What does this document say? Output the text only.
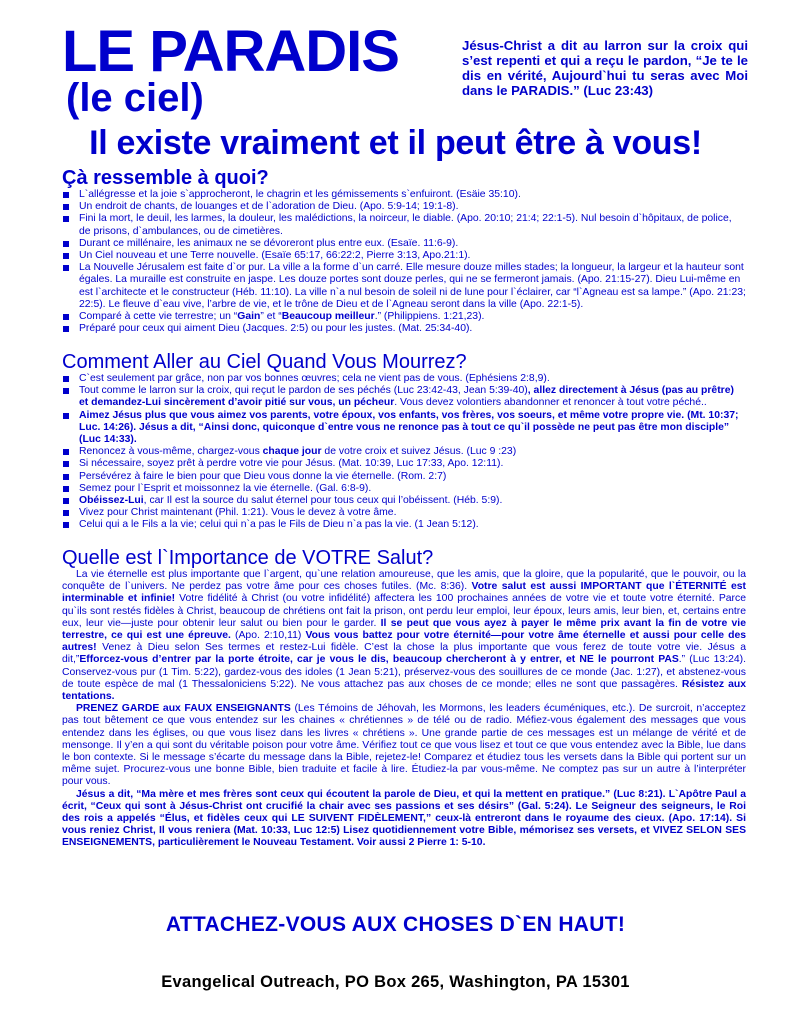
LE PARADIS
(le ciel)

Jésus-Christ a dit au larron sur la croix qui s’est repenti et qui a reçu le pardon, “Je te le dis en vérité, Aujourd`hui tu seras avec Moi dans le PARADIS.” (Luc 23:43)

Il existe vraiment et il peut être à vous!
Çà ressemble à quoi?
L`allégresse et la joie s`approcheront, le chagrin et les gémissements s`enfuiront. (Esäie 35:10).
Un endroit de chants, de louanges et de l`adoration de Dieu. (Apo. 5:9-14; 19:1-8).
Fini la mort, le deuil, les larmes, la douleur, les malédictions, la noirceur, le diable. (Apo. 20:10; 21:4; 22:1-5). Nul besoin d`hôpitaux, de police, de prisons, d`ambulances, ou de cimetières.
Durant ce millénaire, les animaux ne se dévoreront plus entre eux. (Esaïe. 11:6-9).
Un Ciel nouveau et une Terre nouvelle. (Esaïe 65:17, 66:22:2, Pierre 3:13, Apo.21:1).
La Nouvelle Jérusalem est faite d`or pur. La ville a la forme d`un carré. Elle mesure douze milles stades; la longueur, la largeur et la hauteur sont égales. La muraille est construite en jaspe. Les douze portes sont douze perles, qui ne se fermeront jamais. (Apo. 21:15-27). Dieu Lui-même en est l`architecte et le constructeur (Héb. 11:10). La ville n`a nul besoin de soleil ni de lune pour l`éclairer, car “l`Agneau est sa lampe.” (Apo. 21:23; 22:5). Le fleuve d`eau vive, l’arbre de vie, et le trône de Dieu et de l`Agneau seront dans la ville (Apo. 22:1-5).
Comparé à cette vie terrestre; un “Gain” et “Beaucoup meilleur.” (Philippiens. 1:21,23).
Préparé pour ceux qui aiment Dieu (Jacques. 2:5) ou pour les justes. (Mat. 25:34-40).
Comment Aller au Ciel Quand Vous Mourrez?
C`est seulement par grâce, non par vos bonnes œuvres; cela ne vient pas de vous. (Ephésiens 2:8,9).
Tout comme le larron sur la croix, qui reçut le pardon de ses péchés (Luc 23:42-43, Jean 5:39-40), allez directement à Jésus (pas au prêtre) et demandez-Lui sincèrement d’avoir pitié sur vous, un pécheur. Vous devez volontiers abandonner et renoncer à tout votre péché..
Aimez Jésus plus que vous aimez vos parents, votre époux, vos enfants, vos frères, vos soeurs, et même votre propre vie. (Mt. 10:37; Luc. 14:26). Jésus a dit, “Ainsi donc, quiconque d`entre vous ne renonce pas à tout ce qu`il possède ne peut pas être mon disciple” (Luc 14:33).
Renoncez à vous-même, chargez-vous chaque jour de votre croix et suivez Jésus. (Luc 9 :23)
Si nécessaire, soyez prêt à perdre votre vie pour Jésus. (Mat. 10:39, Luc 17:33, Apo. 12:11).
Persévérez à faire le bien pour que Dieu vous donne la vie éternelle. (Rom. 2:7)
Semez pour l`Esprit et moissonnez la vie éternelle. (Gal. 6:8-9).
Obéissez-Lui, car Il est la source du salut éternel pour tous ceux qui l’obéissent. (Héb. 5:9).
Vivez pour Christ maintenant (Phil. 1:21). Vous le devez à votre âme.
Celui qui a le Fils a la vie; celui qui n`a pas le Fils de Dieu n`a pas la vie. (1 Jean 5:12).
Quelle est l`Importance de VOTRE Salut?

La vie éternelle est plus importante que l`argent, qu`une relation amoureuse, que les amis, que la gloire, que la popularité, que le pouvoir, ou la conquête de l`univers. Ne perdez pas votre âme pour ces choses futiles. (Mc. 8:36). Votre salut est aussi IMPORTANT que l`ÉTERNITÉ est interminable et infinie! Votre fidélité à Christ (ou votre infidélité) affectera les 100 prochaines années de votre vie et toute votre éternité. Parce qu`ils sont restés fidèles à Christ, beaucoup de chrétiens ont fait la prison, ont perdu leur emploi, leur époux, leurs amis, leur bien, et, certains entre eux, leur vie—juste pour obtenir leur salut ou bien pour le garder. Il se peut que vous ayez à payer le même prix avant la fin de votre vie terrestre, ce qui est une épreuve. (Apo. 2:10,11) Vous vous battez pour votre éternité—pour votre âme éternelle et aussi pour celle des autres! Venez à Dieu selon Ses termes et restez-Lui fidèle. C’est la chose la plus importante que vous ferez de toute votre vie. Jésus a dit,”Efforcez-vous d’entrer par la porte étroite, car je vous le dis, beaucoup chercheront à y entrer, et NE le pourront PAS.” (Luc 13:24). Conservez-vous pur (1 Tim. 5:22), gardez-vous des idoles (1 Jean 5:21), préservez-vous des souillures de ce monde (Jac. 1:27), et abstenez-vous de toute espèce de mal (1 Thessaloniciens 5:22). Ne vous attachez pas aux choses de ce monde; elles ne sont que passagères. Résistez aux tentations.

PRENEZ GARDE aux FAUX ENSEIGNANTS (Les Témoins de Jéhovah, les Mormons, les leaders écuméniques, etc.). De surcroit, n’acceptez pas tout bêtement ce que vous entendez sur les chaines « chrétiennes » de télé ou de radio. Méfiez-vous également des messages que vous entendez dans les églises, ou que vous lisez dans les livres « chrétiens ». Une grande partie de ces messages est un mélange de vérité et de mensonge. Il y’en a qui sont du véritable poison pour votre âme. Vérifiez tout ce que vous lisez et tout ce que vous entendez avec la Bible, lue dans le bon contexte. Si le message s’écarte du message dans la Bible, rejetez-le! Comparez et étudiez tous les versets dans la Bible qui portent sur un même sujet. Procurez-vous une bonne Bible, bien traduite et facile à lire. Étudiez-la par vous-même. Ne comptez pas sur un autre à l’interpréter pour vous.

Jésus a dit, “Ma mère et mes frères sont ceux qui écoutent la parole de Dieu, et qui la mettent en pratique.” (Luc 8:21). L`Apôtre Paul a écrit, “Ceux qui sont à Jésus-Christ ont crucifié la chair avec ses passions et ses désirs” (Gal. 5:24). Le Seigneur des seigneurs, le Roi des rois a appelés “Élus, et fidèles ceux qui LE SUIVENT FIDÈLEMENT,” ceux-là entreront dans le royaume des cieux. (Apo. 17:14). Si vous reniez Christ, Il vous reniera (Mat. 10:33, Luc 12:5) Lisez quotidiennement votre Bible, mémorisez ses versets, et VIVEZ SELON SES ENSEIGNEMENTS, particulièrement le Nouveau Testament. Voir aussi 2 Pierre 1: 5-10.

ATTACHEZ-VOUS AUX CHOSES D`EN HAUT!
Evangelical Outreach, PO Box 265, Washington, PA 15301
